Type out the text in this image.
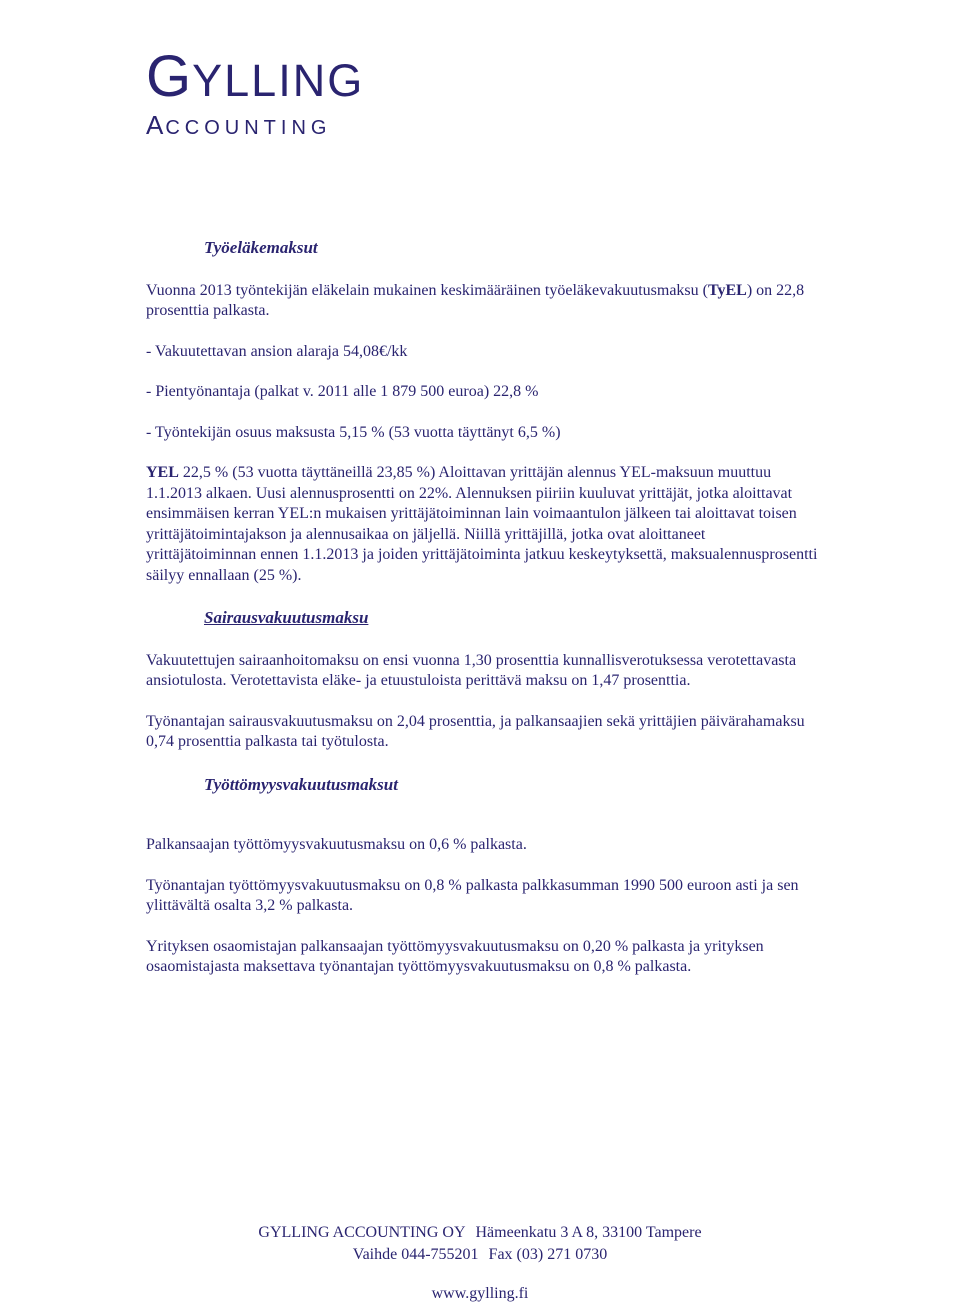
GYLLING
ACCOUNTING
Työeläkemaksut

Vuonna 2013 työntekijän eläkelain mukainen keskimääräinen työeläkevakuutusmaksu (TyEL) on 22,8 prosenttia palkasta.

- Vakuutettavan ansion alaraja 54,08€/kk

- Pientyönantaja (palkat v. 2011 alle 1 879 500 euroa) 22,8 %

- Työntekijän osuus maksusta 5,15 % (53 vuotta täyttänyt 6,5 %)

YEL 22,5 % (53 vuotta täyttäneillä 23,85 %) Aloittavan yrittäjän alennus YEL-maksuun muuttuu 1.1.2013 alkaen. Uusi alennusprosentti on 22%. Alennuksen piiriin kuuluvat yrittäjät, jotka aloittavat ensimmäisen kerran YEL:n mukaisen yrittäjätoiminnan lain voimaantulon jälkeen tai aloittavat toisen yrittäjätoimintajakson ja alennusaikaa on jäljellä. Niillä yrittäjillä, jotka ovat aloittaneet yrittäjätoiminnan ennen 1.1.2013 ja joiden yrittäjätoiminta jatkuu keskeytyksettä, maksualennusprosentti säilyy ennallaan (25 %).

Sairausvakuutusmaksu

Vakuutettujen sairaanhoitomaksu on ensi vuonna 1,30 prosenttia kunnallisverotuksessa verotettavasta ansiotulosta. Verotettavista eläke- ja etuustuloista perittävä maksu on 1,47 prosenttia.

Työnantajan sairausvakuutusmaksu on 2,04 prosenttia, ja palkansaajien sekä yrittäjien päivärahamaksu 0,74 prosenttia palkasta tai työtulosta.

Työttömyysvakuutusmaksut

Palkansaajan työttömyysvakuutusmaksu on 0,6 % palkasta.

Työnantajan työttömyysvakuutusmaksu on 0,8 % palkasta palkkasumman 1990 500 euroon asti ja sen ylittävältä osalta 3,2 % palkasta.

Yrityksen osaomistajan palkansaajan työttömyysvakuutusmaksu on 0,20 % palkasta ja yrityksen osaomistajasta maksettava työnantajan työttömyysvakuutusmaksu on 0,8 % palkasta.

GYLLING ACCOUNTING OY Hämeenkatu 3 A 8, 33100 Tampere
Vaihde 044-755201 Fax (03) 271 0730
www.gylling.fi
